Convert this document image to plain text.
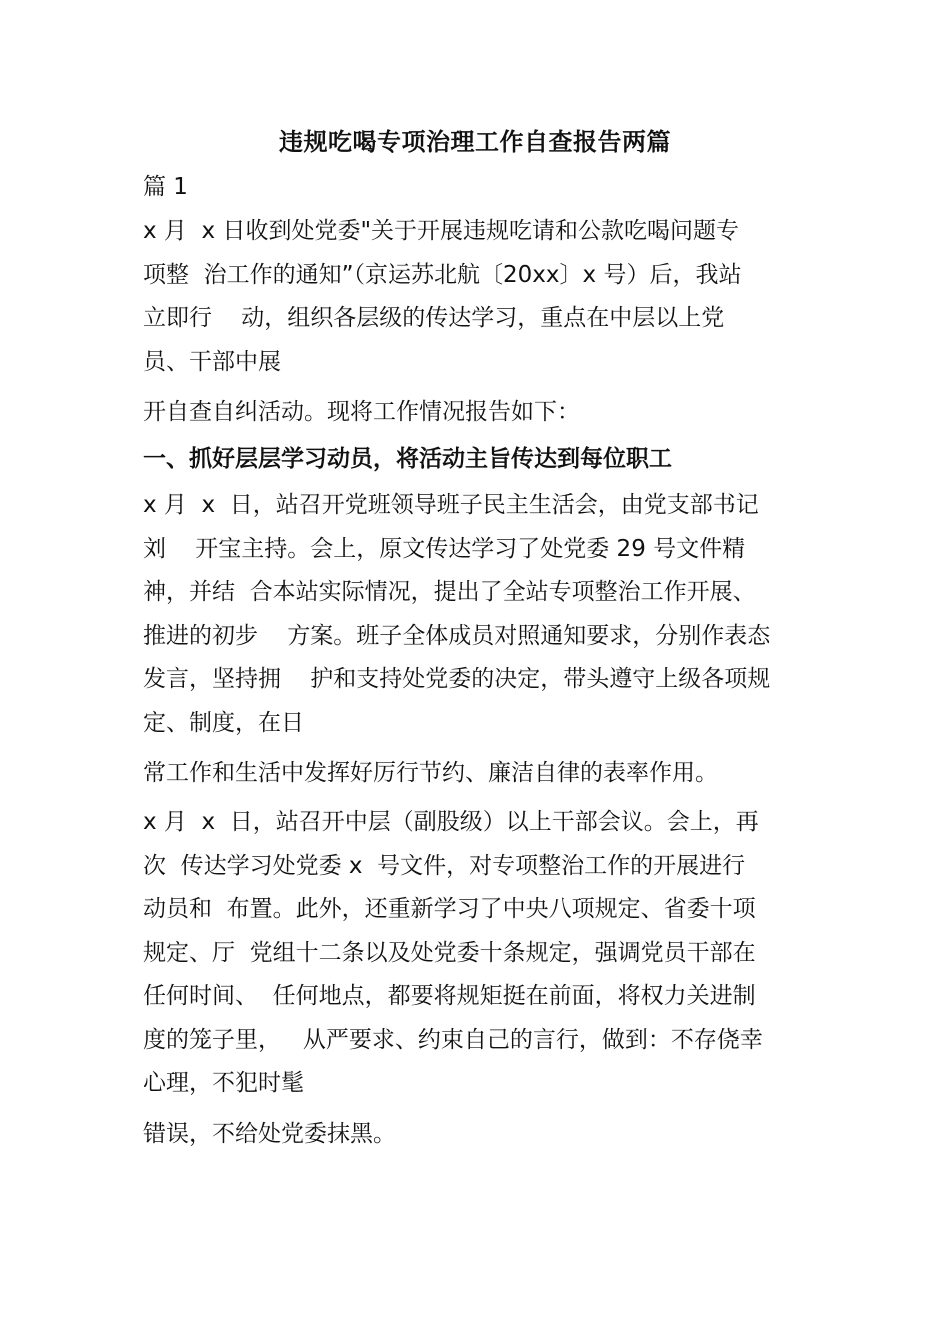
违规吃喝专项治理工作自查报告两篇
篇 1
x 月  x 日收到处党委"关于开展违规吃请和公款吃喝问题专
项整  治工作的通知”（京运苏北航〔20xx〕x 号）后，我站
立即行    动，组织各层级的传达学习，重点在中层以上党
员、干部中展
开自查自纠活动。现将工作情况报告如下：
一、抓好层层学习动员，将活动主旨传达到每位职工
x 月  x  日，站召开党班领导班子民主生活会，由党支部书记
刘    开宝主持。会上，原文传达学习了处党委 29 号文件精
神，并结  合本站实际情况，提出了全站专项整治工作开展、
推进的初步    方案。班子全体成员对照通知要求，分别作表态
发言，坚持拥    护和支持处党委的决定，带头遵守上级各项规
定、制度，在日
常工作和生活中发挥好厉行节约、廉洁自律的表率作用。
x 月  x  日，站召开中层（副股级）以上干部会议。会上，再
次  传达学习处党委 x  号文件，对专项整治工作的开展进行
动员和  布置。此外，还重新学习了中央八项规定、省委十项
规定、厅  党组十二条以及处党委十条规定，强调党员干部在
任何时间、  任何地点，都要将规矩挺在前面，将权力关进制
度的笼子里，   从严要求、约束自己的言行，做到：不存侥幸
心理，不犯时髦
错误，不给处党委抹黑。
